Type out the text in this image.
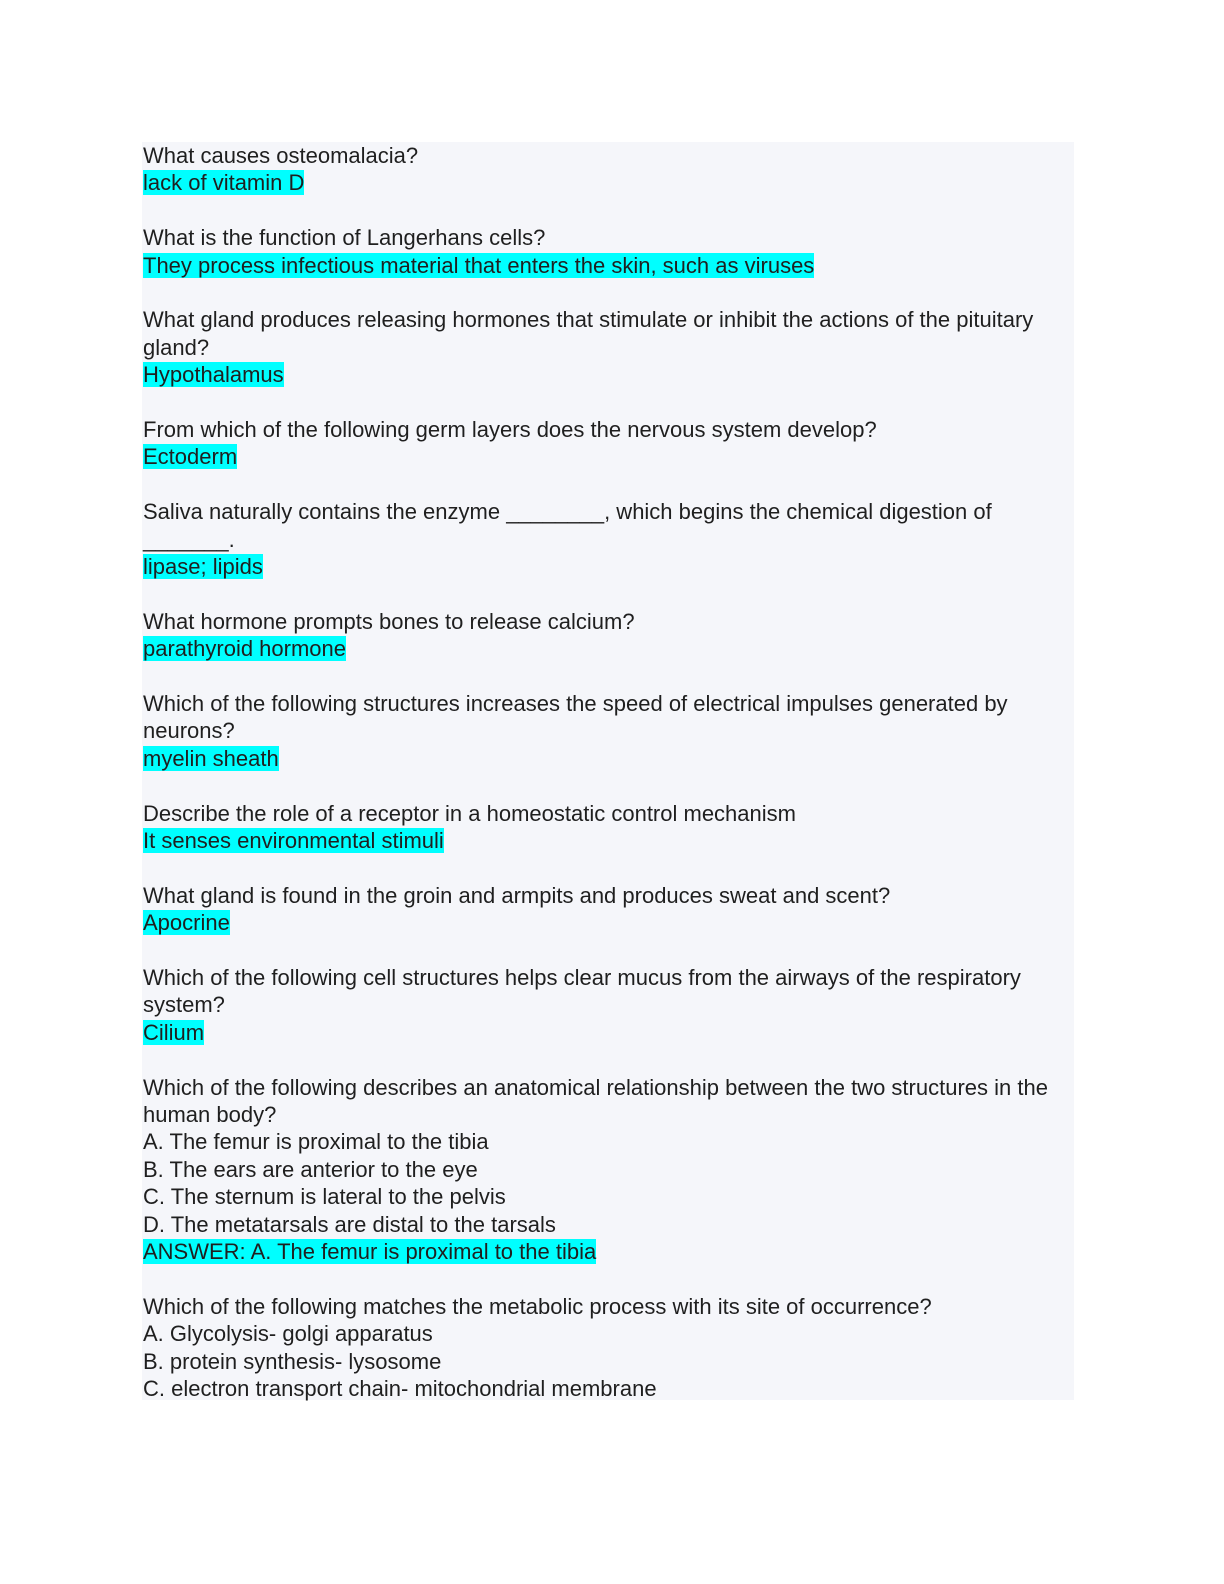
What causes osteomalacia?
lack of vitamin D
What is the function of Langerhans cells?
They process infectious material that enters the skin, such as viruses
What gland produces releasing hormones that stimulate or inhibit the actions of the pituitary gland?
Hypothalamus
From which of the following germ layers does the nervous system develop?
Ectoderm
Saliva naturally contains the enzyme ________, which begins the chemical digestion of _______.
lipase; lipids
What hormone prompts bones to release calcium?
parathyroid hormone
Which of the following structures increases the speed of electrical impulses generated by neurons?
myelin sheath
Describe the role of a receptor in a homeostatic control mechanism
It senses environmental stimuli
What gland is found in the groin and armpits and produces sweat and scent?
Apocrine
Which of the following cell structures helps clear mucus from the airways of the respiratory system?
Cilium
Which of the following describes an anatomical relationship between the two structures in the human body?
A. The femur is proximal to the tibia
B. The ears are anterior to the eye
C. The sternum is lateral to the pelvis
D. The metatarsals are distal to the tarsals
ANSWER: A. The femur is proximal to the tibia
Which of the following matches the metabolic process with its site of occurrence?
A. Glycolysis- golgi apparatus
B. protein synthesis- lysosome
C. electron transport chain- mitochondrial membrane
